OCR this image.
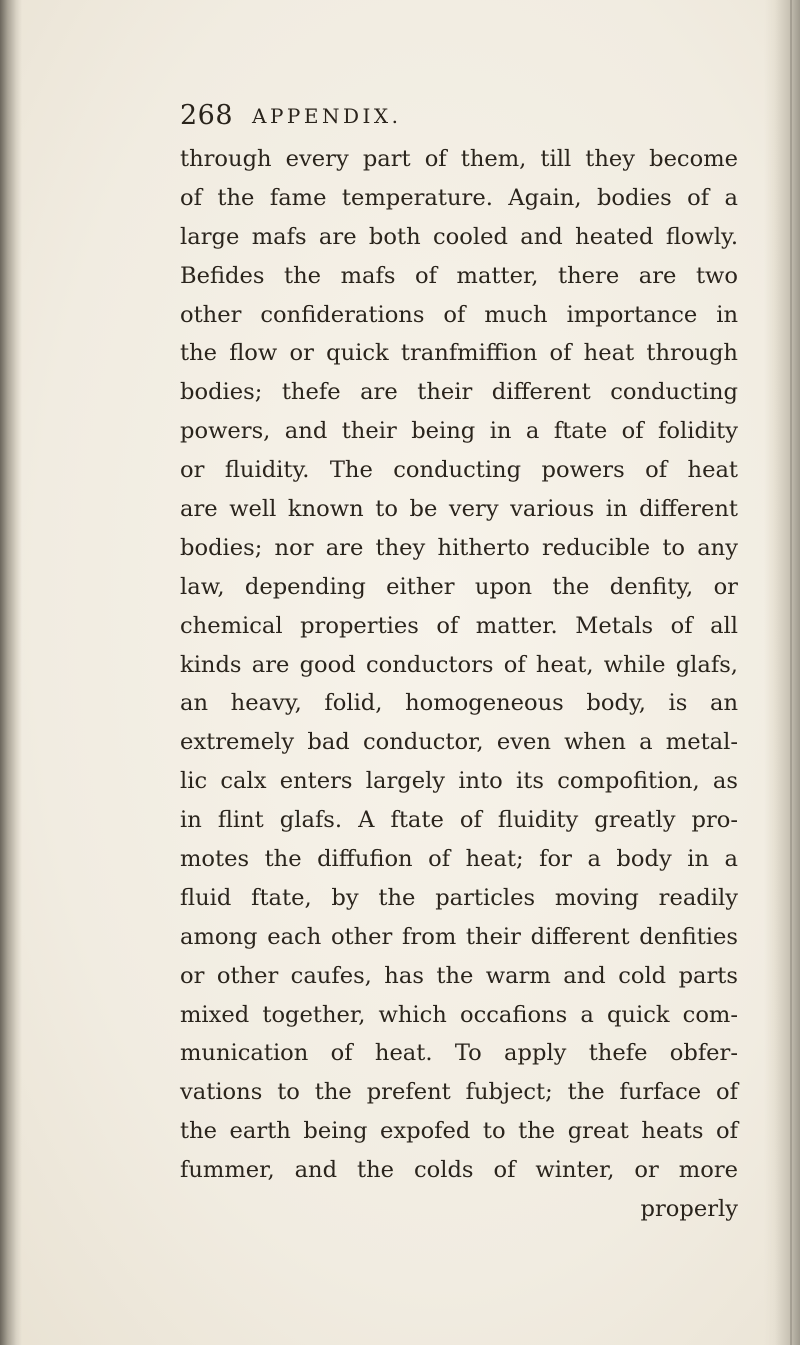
268 APPENDIX.
through every part of them, till they become
of the fame temperature. Again, bodies of a
large mafs are both cooled and heated flowly.
Befides the mafs of matter, there are two
other confiderations of much importance in
the flow or quick tranfmiffion of heat through
bodies; thefe are their different conducting
powers, and their being in a ftate of folidity
or fluidity. The conducting powers of heat
are well known to be very various in different
bodies; nor are they hitherto reducible to any
law, depending either upon the denfity, or
chemical properties of matter. Metals of all
kinds are good conductors of heat, while glafs,
an heavy, folid, homogeneous body, is an
extremely bad conductor, even when a metal-
lic calx enters largely into its compofition, as
in flint glafs. A ftate of fluidity greatly pro-
motes the diffufion of heat; for a body in a
fluid ftate, by the particles moving readily
among each other from their different denfities
or other caufes, has the warm and cold parts
mixed together, which occafions a quick com-
munication of heat. To apply thefe obfer-
vations to the prefent fubject; the furface of
the earth being expofed to the great heats of
fummer, and the colds of winter, or more
properly
